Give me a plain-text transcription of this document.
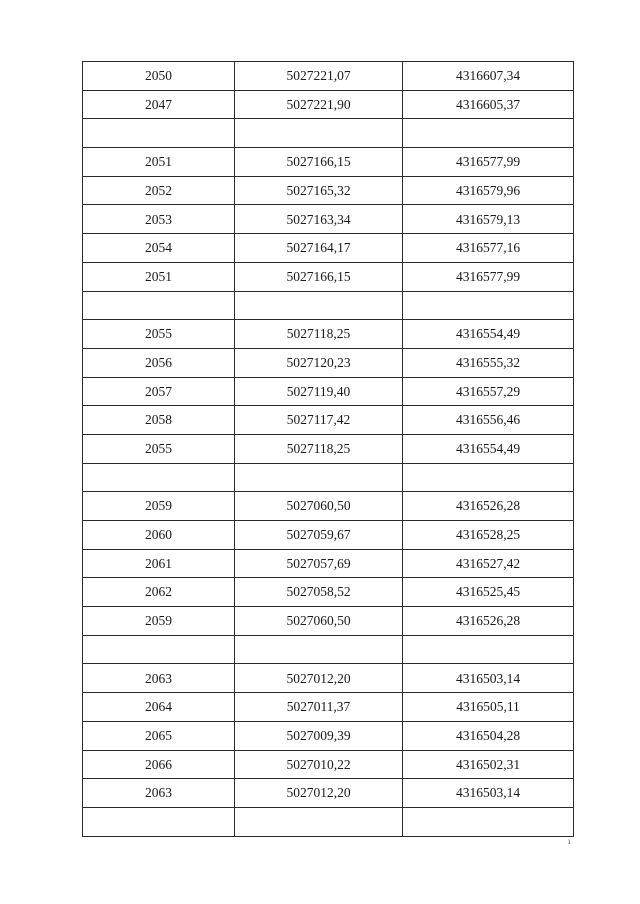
2050	5027221,07	4316607,34
2047	5027221,90	4316605,37

2051	5027166,15	4316577,99
2052	5027165,32	4316579,96
2053	5027163,34	4316579,13
2054	5027164,17	4316577,16
2051	5027166,15	4316577,99

2055	5027118,25	4316554,49
2056	5027120,23	4316555,32
2057	5027119,40	4316557,29
2058	5027117,42	4316556,46
2055	5027118,25	4316554,49

2059	5027060,50	4316526,28
2060	5027059,67	4316528,25
2061	5027057,69	4316527,42
2062	5027058,52	4316525,45
2059	5027060,50	4316526,28

2063	5027012,20	4316503,14
2064	5027011,37	4316505,11
2065	5027009,39	4316504,28
2066	5027010,22	4316502,31
2063	5027012,20	4316503,14

ı
